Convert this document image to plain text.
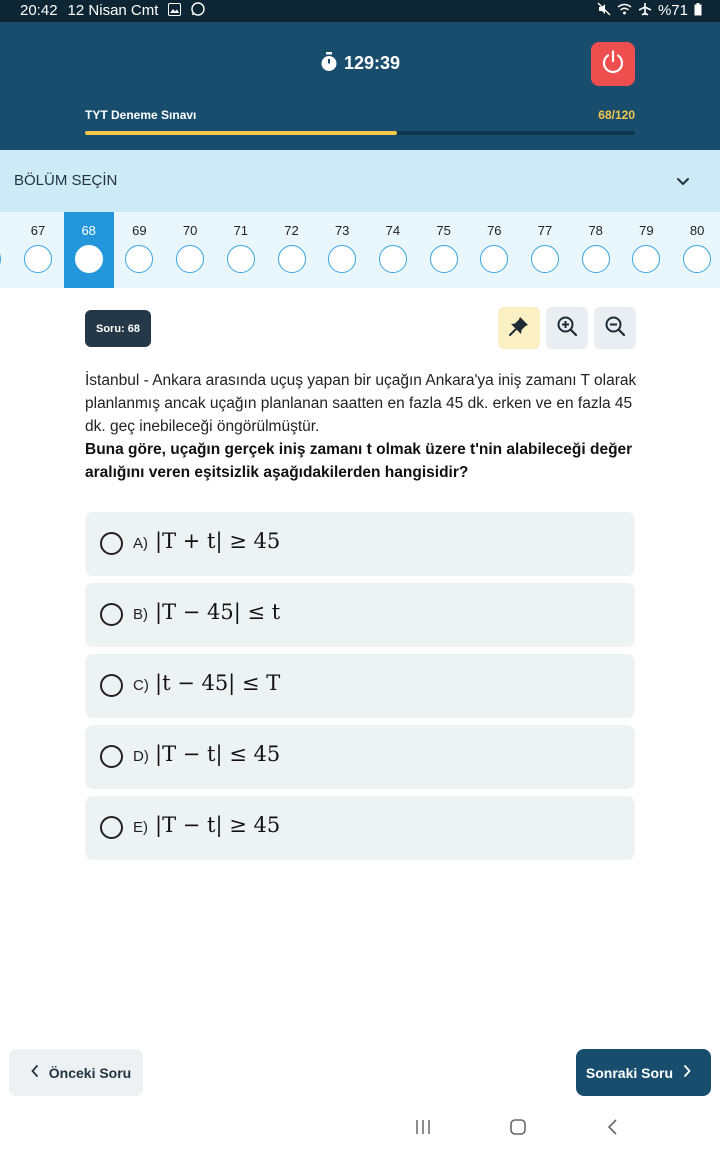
20:42 12 Nisan Cmt	%71
129:39
TYT Deneme Sınavı	68/120
BÖLÜM SEÇİN
67	68	69	70	71	72	73	74	75	76	77	78	79	80
Soru: 68
İstanbul - Ankara arasında uçuş yapan bir uçağın Ankara'ya iniş zamanı T olarak planlanmış ancak uçağın planlanan saatten en fazla 45 dk. erken ve en fazla 45 dk. geç inebileceği öngörülmüştür.
Buna göre, uçağın gerçek iniş zamanı t olmak üzere t'nin alabileceği değer aralığını veren eşitsizlik aşağıdakilerden hangisidir?
A) |T + t| ≥ 45
B) |T − 45| ≤ t
C) |t − 45| ≤ T
D) |T − t| ≤ 45
E) |T − t| ≥ 45
Önceki Soru	Sonraki Soru
